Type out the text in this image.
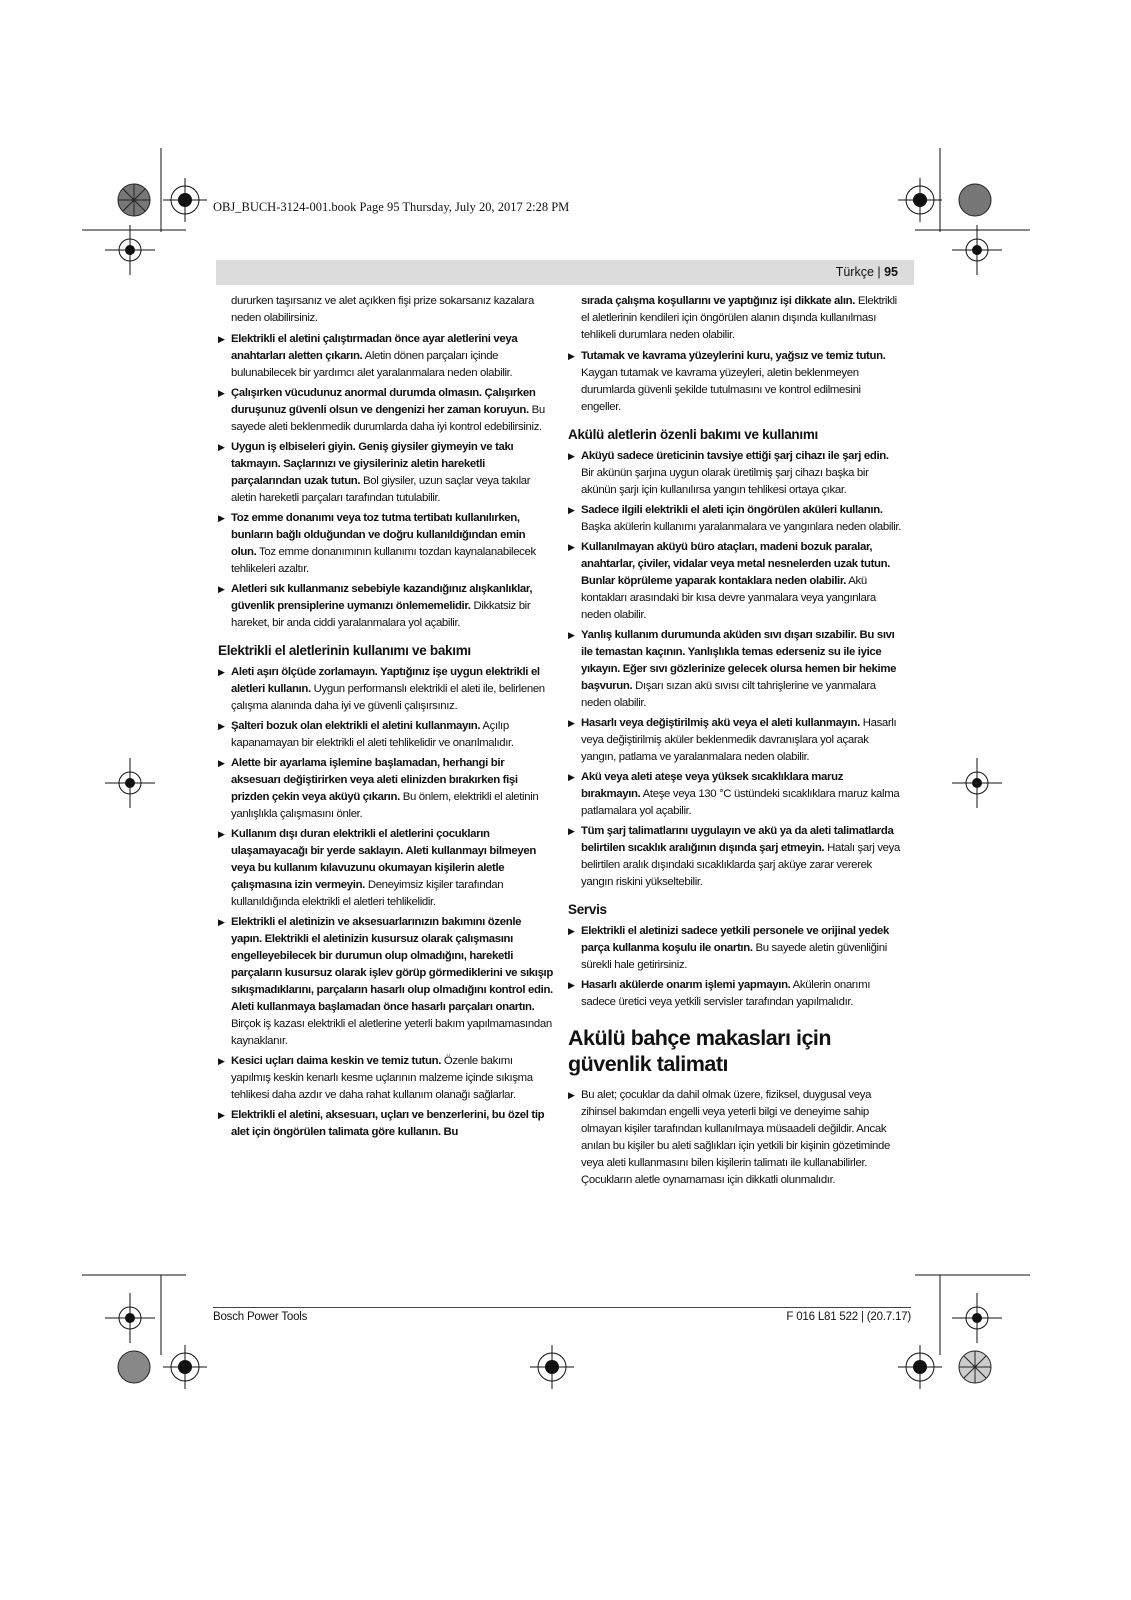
OBJ_BUCH-3124-001.book Page 95 Thursday, July 20, 2017 2:28 PM
Türkçe | 95

dururken taşırsanız ve alet açıkken fişi prize sokarsanız kazalara neden olabilirsiniz.

▶ Elektrikli el aletini çalıştırmadan önce ayar aletlerini veya anahtarları aletten çıkarın. Aletin dönen parçaları içinde bulunabilecek bir yardımcı alet yaralanmalara neden olabilir.
▶ Çalışırken vücudunuz anormal durumda olmasın. Çalışırken duruşunuz güvenli olsun ve dengenizi her zaman koruyun. Bu sayede aleti beklenmedik durumlarda daha iyi kontrol edebilirsiniz.
▶ Uygun iş elbiseleri giyin. Geniş giysiler giymeyin ve takı takmayın. Saçlarınızı ve giysileriniz aletin hareketli parçalarından uzak tutun. Bol giysiler, uzun saçlar veya takılar aletin hareketli parçaları tarafından tutulabilir.
▶ Toz emme donanımı veya toz tutma tertibatı kullanılırken, bunların bağlı olduğundan ve doğru kullanıldığından emin olun. Toz emme donanımının kullanımı tozdan kaynalanabilecek tehlikeleri azaltır.
▶ Aletleri sık kullanmanız sebebiyle kazandığınız alışkanlıklar, güvenlik prensiplerine uymanızı önlememelidir. Dikkatsiz bir hareket, bir anda ciddi yaralanmalara yol açabilir.
Elektrikli el aletlerinin kullanımı ve bakımı
▶ Aleti aşırı ölçüde zorlamayın. Yaptığınız işe uygun elektrikli el aletleri kullanın. Uygun performanslı elektrikli el aleti ile, belirlenen çalışma alanında daha iyi ve güvenli çalışırsınız.
▶ Şalteri bozuk olan elektrikli el aletini kullanmayın. Açılıp kapanamayan bir elektrikli el aleti tehlikelidir ve onarılmalıdır.
▶ Alette bir ayarlama işlemine başlamadan, herhangi bir aksesuarı değiştirirken veya aleti elinizden bırakırken fişi prizden çekin veya aküyü çıkarın. Bu önlem, elektrikli el aletinin yanlışlıkla çalışmasını önler.
▶ Kullanım dışı duran elektrikli el aletlerini çocukların ulaşamayacağı bir yerde saklayın. Aleti kullanmayı bilmeyen veya bu kullanım kılavuzunu okumayan kişilerin aletle çalışmasına izin vermeyin. Deneyimsiz kişiler tarafından kullanıldığında elektrikli el aletleri tehlikelidir.
▶ Elektrikli el aletinizin ve aksesuarlarınızın bakımını özenle yapın. Elektrikli el aletinizin kusursuz olarak çalışmasını engelleyebilecek bir durumun olup olmadığını, hareketli parçaların kusursuz olarak işlev görüp görmediklerini ve sıkışıp sıkışmadıklarını, parçaların hasarlı olup olmadığını kontrol edin. Aleti kullanmaya başlamadan önce hasarlı parçaları onartın. Birçok iş kazası elektrikli el aletlerine yeterli bakım yapılmamasından kaynaklanır.
▶ Kesici uçları daima keskin ve temiz tutun. Özenle bakımı yapılmış keskin kenarlı kesme uçlarının malzeme içinde sıkışma tehlikesi daha azdır ve daha rahat kullanım olanağı sağlarlar.
▶ Elektrikli el aletini, aksesuarı, uçları ve benzerlerini, bu özel tip alet için öngörülen talimata göre kullanın. Bu

sırada çalışma koşullarını ve yaptığınız işi dikkate alın. Elektrikli el aletlerinin kendileri için öngörülen alanın dışında kullanılması tehlikeli durumlara neden olabilir.

▶ Tutamak ve kavrama yüzeylerini kuru, yağsız ve temiz tutun. Kaygan tutamak ve kavrama yüzeyleri, aletin beklenmeyen durumlarda güvenli şekilde tutulmasını ve kontrol edilmesini engeller.
Akülü aletlerin özenli bakımı ve kullanımı
▶ Aküyü sadece üreticinin tavsiye ettiği şarj cihazı ile şarj edin. Bir akünün şarjına uygun olarak üretilmiş şarj cihazı başka bir akünün şarjı için kullanılırsa yangın tehlikesi ortaya çıkar.
▶ Sadece ilgili elektrikli el aleti için öngörülen aküleri kullanın. Başka akülerin kullanımı yaralanmalara ve yangınlara neden olabilir.
▶ Kullanılmayan aküyü büro ataçları, madeni bozuk paralar, anahtarlar, çiviler, vidalar veya metal nesnelerden uzak tutun. Bunlar köprüleme yaparak kontaklara neden olabilir. Akü kontakları arasındaki bir kısa devre yanmalara veya yangınlara neden olabilir.
▶ Yanlış kullanım durumunda aküden sıvı dışarı sızabilir. Bu sıvı ile temastan kaçının. Yanlışlıkla temas ederseniz su ile iyice yıkayın. Eğer sıvı gözlerinize gelecek olursa hemen bir hekime başvurun. Dışarı sızan akü sıvısı cilt tahrişlerine ve yanmalara neden olabilir.
▶ Hasarlı veya değiştirilmiş akü veya el aleti kullanmayın. Hasarlı veya değiştirilmiş aküler beklenmedik davranışlara yol açarak yangın, patlama ve yaralanmalara neden olabilir.
▶ Akü veya aleti ateşe veya yüksek sıcaklıklara maruz bırakmayın. Ateşe veya 130 °C üstündeki sıcaklıklara maruz kalma patlamalara yol açabilir.
▶ Tüm şarj talimatlarını uygulayın ve akü ya da aleti talimatlarda belirtilen sıcaklık aralığının dışında şarj etmeyin. Hatalı şarj veya belirtilen aralık dışındaki sıcaklıklarda şarj aküye zarar vererek yangın riskini yükseltebilir.
Servis
▶ Elektrikli el aletinizi sadece yetkili personele ve orijinal yedek parça kullanma koşulu ile onartın. Bu sayede aletin güvenliğini sürekli hale getirirsiniz.
▶ Hasarlı akülerde onarım işlemi yapmayın. Akülerin onarımı sadece üretici veya yetkili servisler tarafından yapılmalıdır.
Akülü bahçe makasları için güvenlik talimatı
▶ Bu alet; çocuklar da dahil olmak üzere, fiziksel, duygusal veya zihinsel bakımdan engelli veya yeterli bilgi ve deneyime sahip olmayan kişiler tarafından kullanılmaya müsaadeli değildir. Ancak anılan bu kişiler bu aleti sağlıkları için yetkili bir kişinin gözetiminde veya aleti kullanmasını bilen kişilerin talimatı ile kullanabilirler. Çocukların aletle oynamaması için dikkatli olunmalıdır.
Bosch Power Tools	F 016 L81 522 | (20.7.17)
